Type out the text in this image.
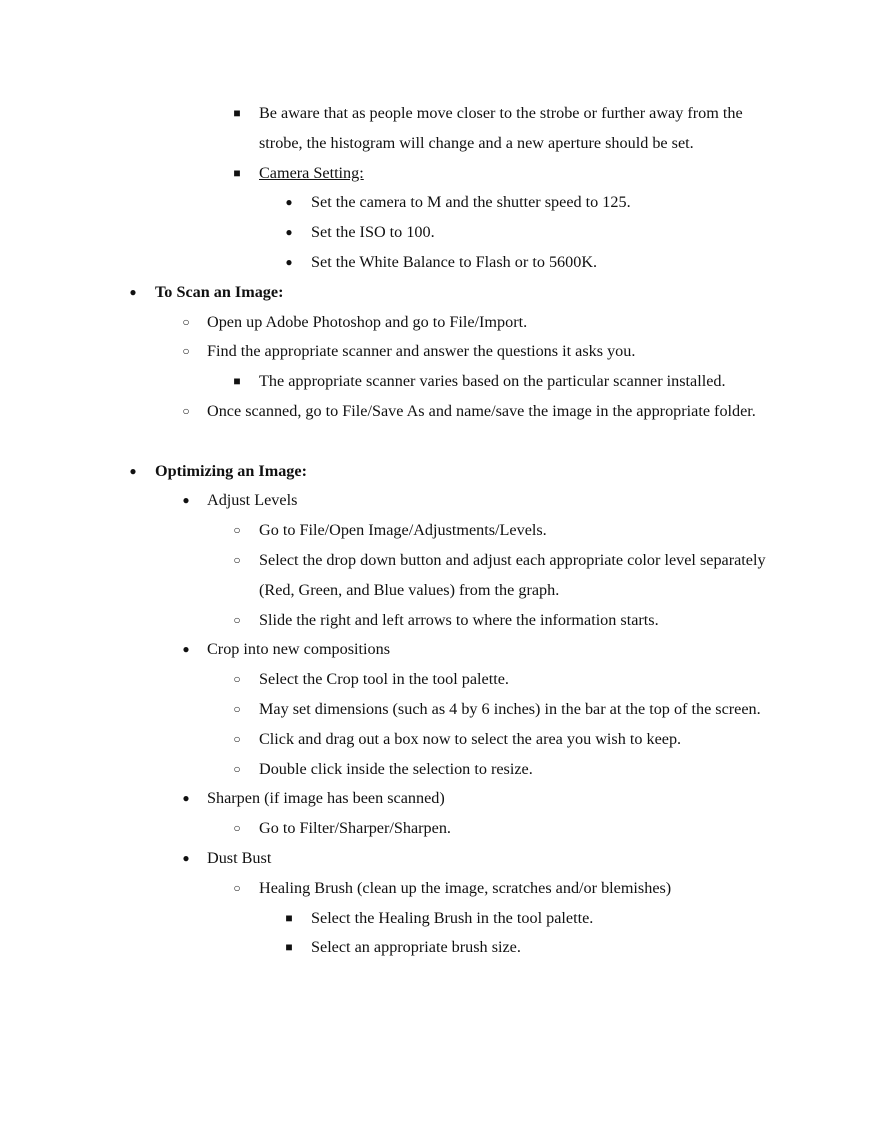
■ Be aware that as people move closer to the strobe or further away from the strobe, the histogram will change and a new aperture should be set.
■ Camera Setting:
● Set the camera to M and the shutter speed to 125.
● Set the ISO to 100.
● Set the White Balance to Flash or to 5600K.
● To Scan an Image:
○ Open up Adobe Photoshop and go to File/Import.
○ Find the appropriate scanner and answer the questions it asks you.
■ The appropriate scanner varies based on the particular scanner installed.
○ Once scanned, go to File/Save As and name/save the image in the appropriate folder.
● Optimizing an Image:
● Adjust Levels
○ Go to File/Open Image/Adjustments/Levels.
○ Select the drop down button and adjust each appropriate color level separately (Red, Green, and Blue values) from the graph.
○ Slide the right and left arrows to where the information starts.
● Crop into new compositions
○ Select the Crop tool in the tool palette.
○ May set dimensions (such as 4 by 6 inches) in the bar at the top of the screen.
○ Click and drag out a box now to select the area you wish to keep.
○ Double click inside the selection to resize.
● Sharpen (if image has been scanned)
○ Go to Filter/Sharper/Sharpen.
● Dust Bust
○ Healing Brush (clean up the image, scratches and/or blemishes)
■ Select the Healing Brush in the tool palette.
■ Select an appropriate brush size.
